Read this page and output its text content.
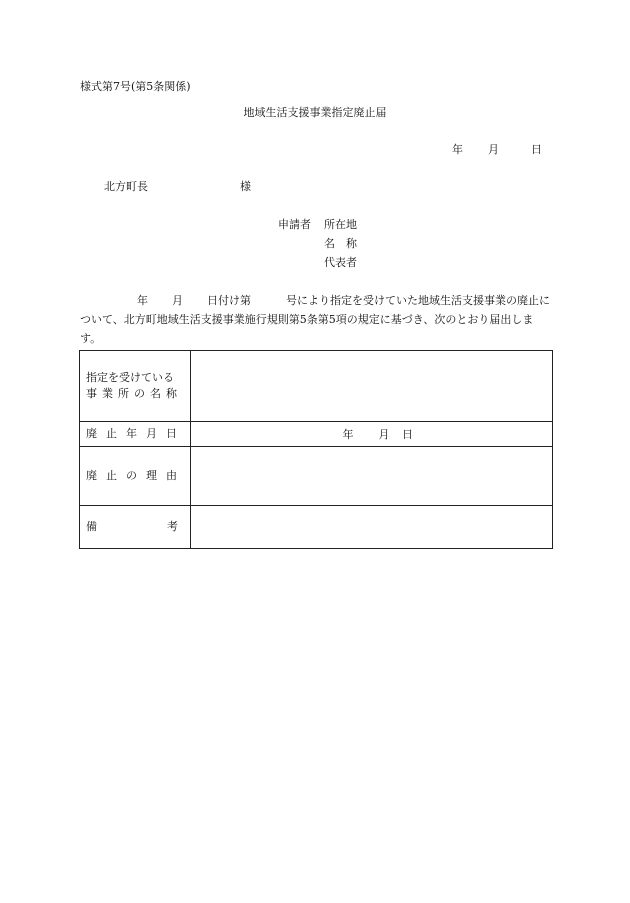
様式第7号(第5条関係)
地域生活支援事業指定廃止届
年 月	日
北方町長	様
申請者 所在地
名　称
代表者
年 月 日付け第	号により指定を受けていた地域生活支援事業の廃止について、北方町地域生活支援事業施行規則第5条第5項の規定に基づき、次のとおり届出します。
指定を受けている
事業所の名称	

廃止年月日	年 月 日
廃止の理由	

備 考	
